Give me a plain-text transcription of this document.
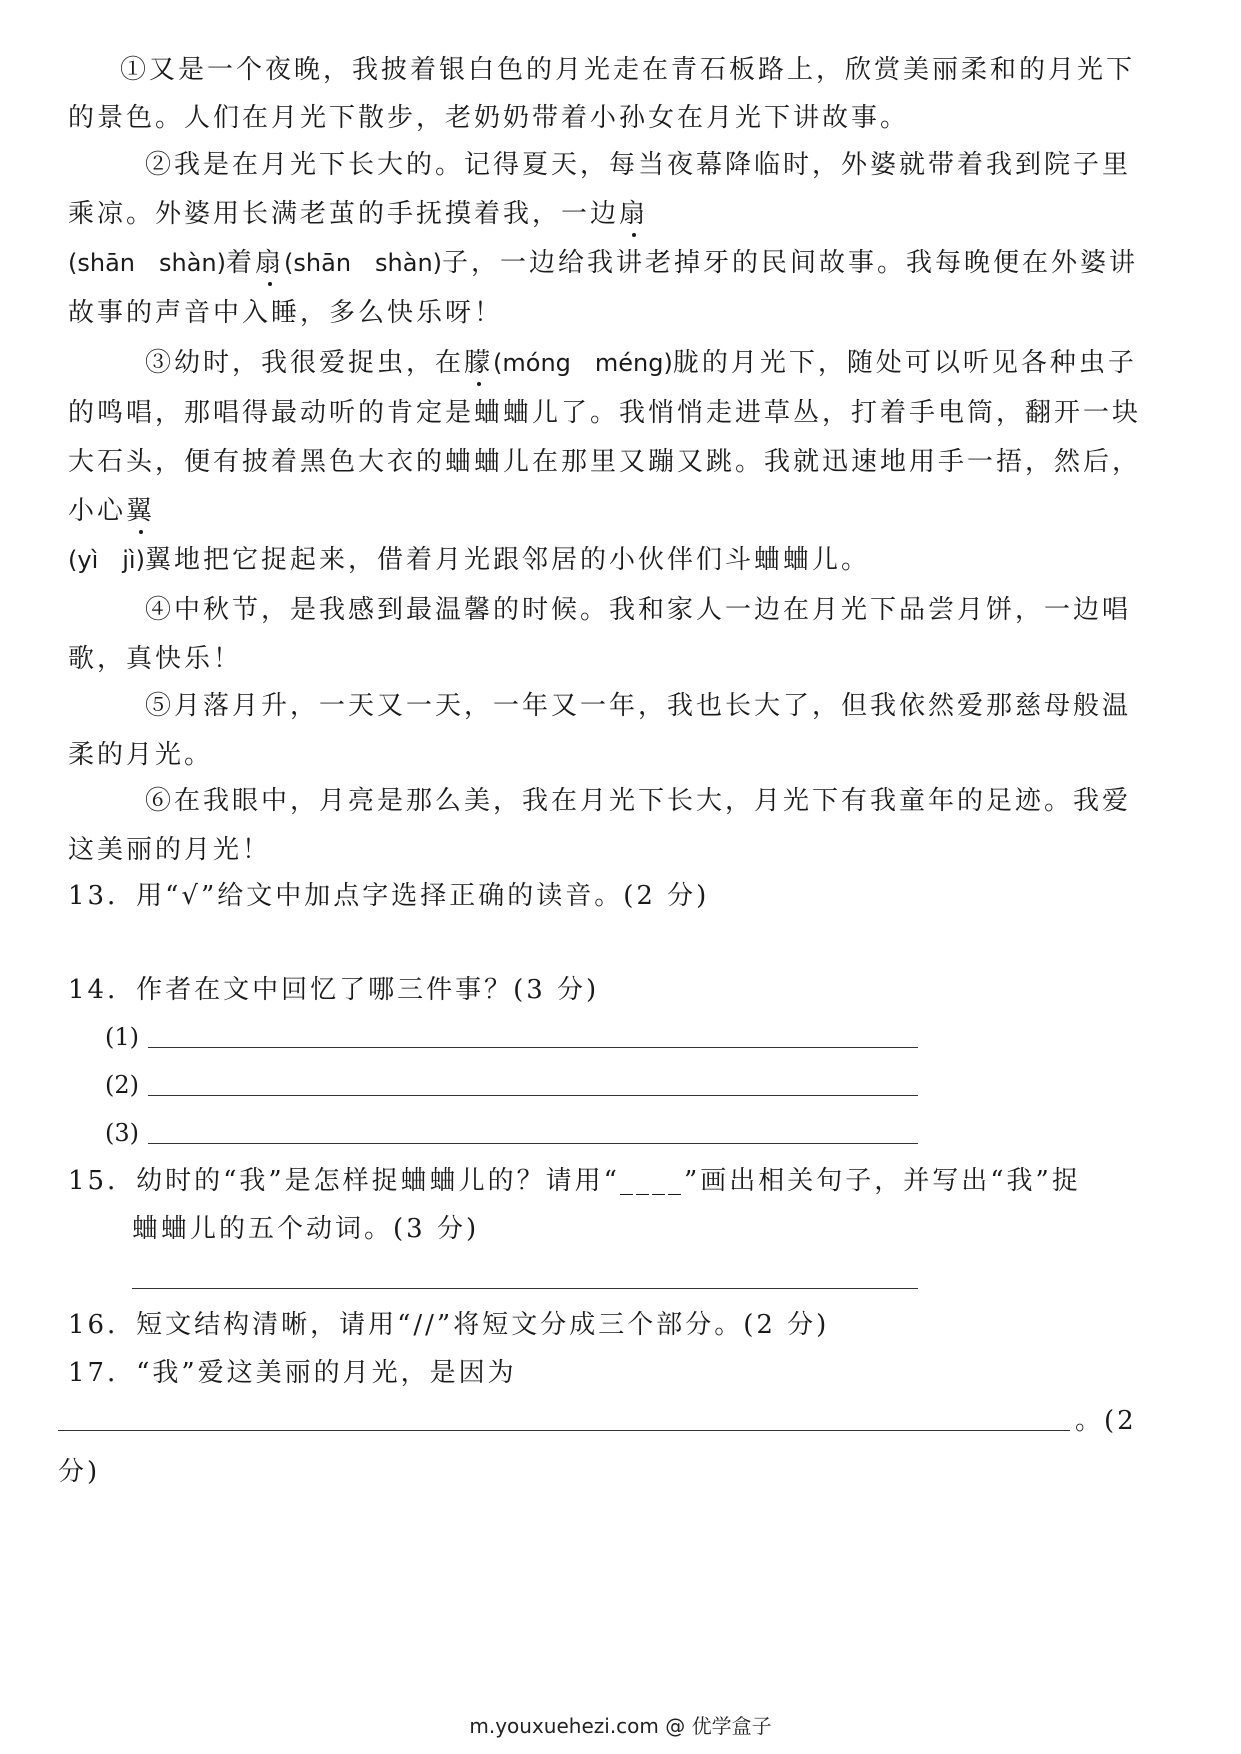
①又是一个夜晚，我披着银白色的月光走在青石板路上，欣赏美丽柔和的月光下
的景色。人们在月光下散步，老奶奶带着小孙女在月光下讲故事。
②我是在月光下长大的。记得夏天，每当夜幕降临时，外婆就带着我到院子里
乘凉。外婆用长满老茧的手抚摸着我，一边扇
(shān　shàn)着扇(shān　shàn)子，一边给我讲老掉牙的民间故事。我每晚便在外婆讲
故事的声音中入睡，多么快乐呀！
③幼时，我很爱捉虫，在朦(móng　méng)胧的月光下，随处可以听见各种虫子
的鸣唱，那唱得最动听的肯定是蛐蛐儿了。我悄悄走进草丛，打着手电筒，翻开一块
大石头，便有披着黑色大衣的蛐蛐儿在那里又蹦又跳。我就迅速地用手一捂，然后，
小心翼
(yì　jì)翼地把它捉起来，借着月光跟邻居的小伙伴们斗蛐蛐儿。
④中秋节，是我感到最温馨的时候。我和家人一边在月光下品尝月饼，一边唱
歌，真快乐！
⑤月落月升，一天又一天，一年又一年，我也长大了，但我依然爱那慈母般温
柔的月光。
⑥在我眼中，月亮是那么美，我在月光下长大，月光下有我童年的足迹。我爱
这美丽的月光！
13．用“√”给文中加点字选择正确的读音。(2 分)
14．作者在文中回忆了哪三件事？(3 分)
(1)
(2)
(3)
15．幼时的“我”是怎样捉蛐蛐儿的？请用“____”画出相关句子，并写出“我”捉
蛐蛐儿的五个动词。(3 分)
16．短文结构清晰，请用“//”将短文分成三个部分。(2 分)
17．“我”爱这美丽的月光，是因为
。(2
分)
m.youxuehezi.com @ 优学盒子
